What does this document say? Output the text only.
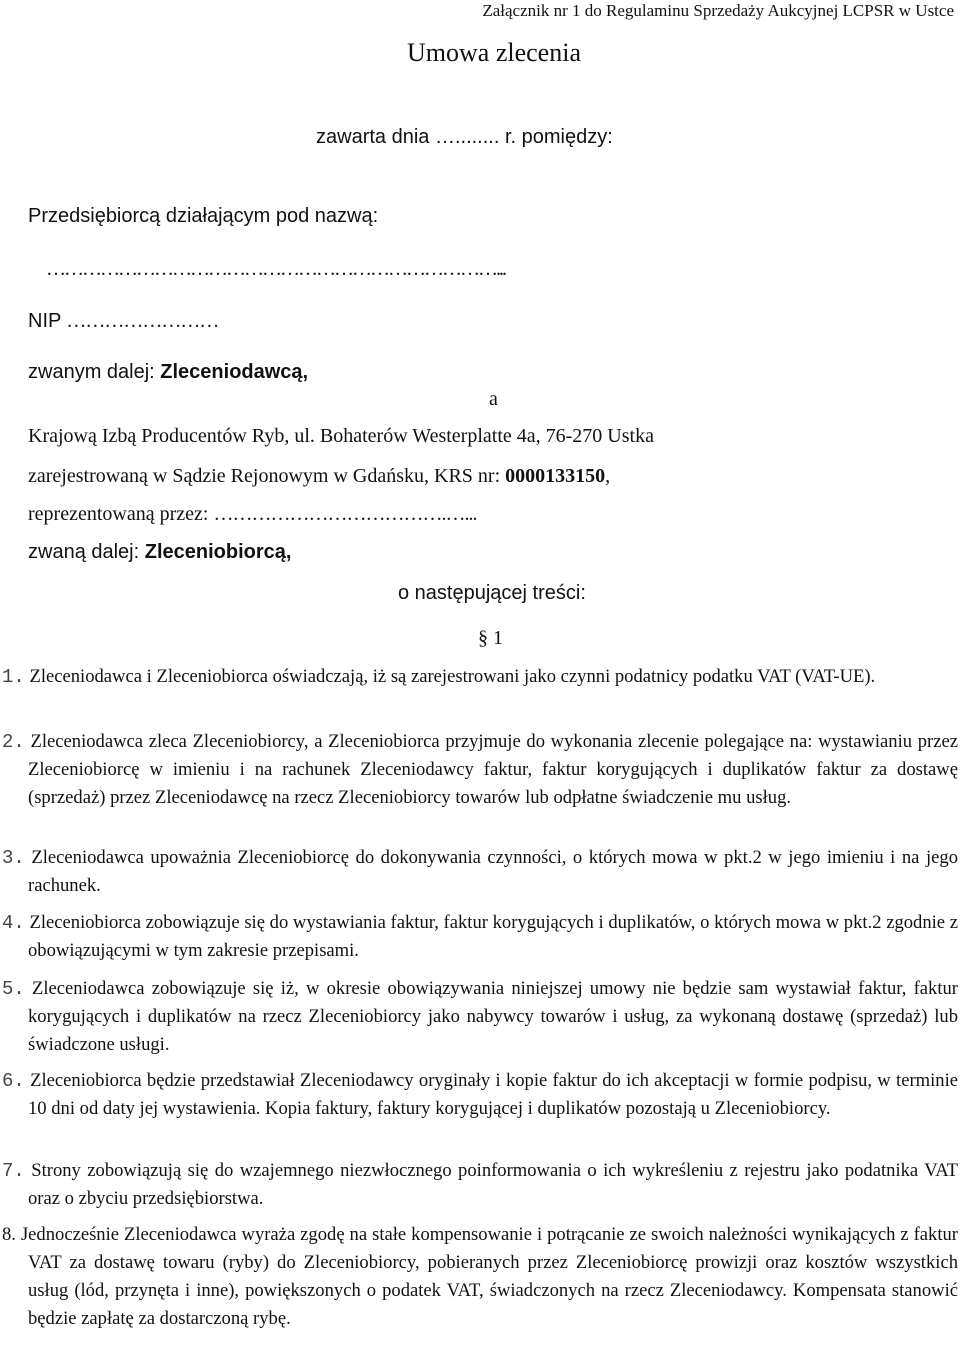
Załącznik nr 1 do Regulaminu Sprzedaży Aukcyjnej LCPSR w Ustce
Umowa zlecenia
zawarta dnia …........ r. pomiędzy:
Przedsiębiorcą działającym pod nazwą:
…………………………………………………………………...
NIP ……………………
zwanym dalej: Zleceniodawcą,
a
Krajową Izbą Producentów Ryb, ul. Bohaterów Westerplatte 4a, 76-270 Ustka
zarejestrowaną w Sądzie Rejonowym w Gdańsku, KRS nr: 0000133150,
reprezentowaną przez: ……………………………….…...
zwaną dalej: Zleceniobiorcą,
o następującej treści:
§ 1
1. Zleceniodawca i Zleceniobiorca oświadczają, iż są zarejestrowani jako czynni podatnicy podatku VAT (VAT-UE).
2. Zleceniodawca zleca Zleceniobiorcy, a Zleceniobiorca przyjmuje do wykonania zlecenie polegające na: wystawianiu przez Zleceniobiorcę w imieniu i na rachunek Zleceniodawcy faktur, faktur korygujących i duplikatów faktur za dostawę (sprzedaż) przez Zleceniodawcę na rzecz Zleceniobiorcy towarów lub odpłatne świadczenie mu usług.
3. Zleceniodawca upoważnia Zleceniobiorcę do dokonywania czynności, o których mowa w pkt.2 w jego imieniu i na jego rachunek.
4. Zleceniobiorca zobowiązuje się do wystawiania faktur, faktur korygujących i duplikatów, o których mowa w pkt.2 zgodnie z obowiązującymi w tym zakresie przepisami.
5. Zleceniodawca zobowiązuje się iż, w okresie obowiązywania niniejszej umowy nie będzie sam wystawiał faktur, faktur korygujących i duplikatów na rzecz Zleceniobiorcy jako nabywcy towarów i usług, za wykonaną dostawę (sprzedaż) lub świadczone usługi.
6. Zleceniobiorca będzie przedstawiał Zleceniodawcy oryginały i kopie faktur do ich akceptacji w formie podpisu, w terminie 10 dni od daty jej wystawienia. Kopia faktury, faktury korygującej i duplikatów pozostają u Zleceniobiorcy.
7. Strony zobowiązują się do wzajemnego niezwłocznego poinformowania o ich wykreśleniu z rejestru jako podatnika VAT oraz o zbyciu przedsiębiorstwa.
8. Jednocześnie Zleceniodawca wyraża zgodę na stałe kompensowanie i potrącanie ze swoich należności wynikających z faktur VAT za dostawę towaru (ryby) do Zleceniobiorcy, pobieranych przez Zleceniobiorcę prowizji oraz kosztów wszystkich usług (lód, przynęta i inne), powiększonych o podatek VAT, świadczonych na rzecz Zleceniodawcy. Kompensata stanowić będzie zapłatę za dostarczoną rybę.
